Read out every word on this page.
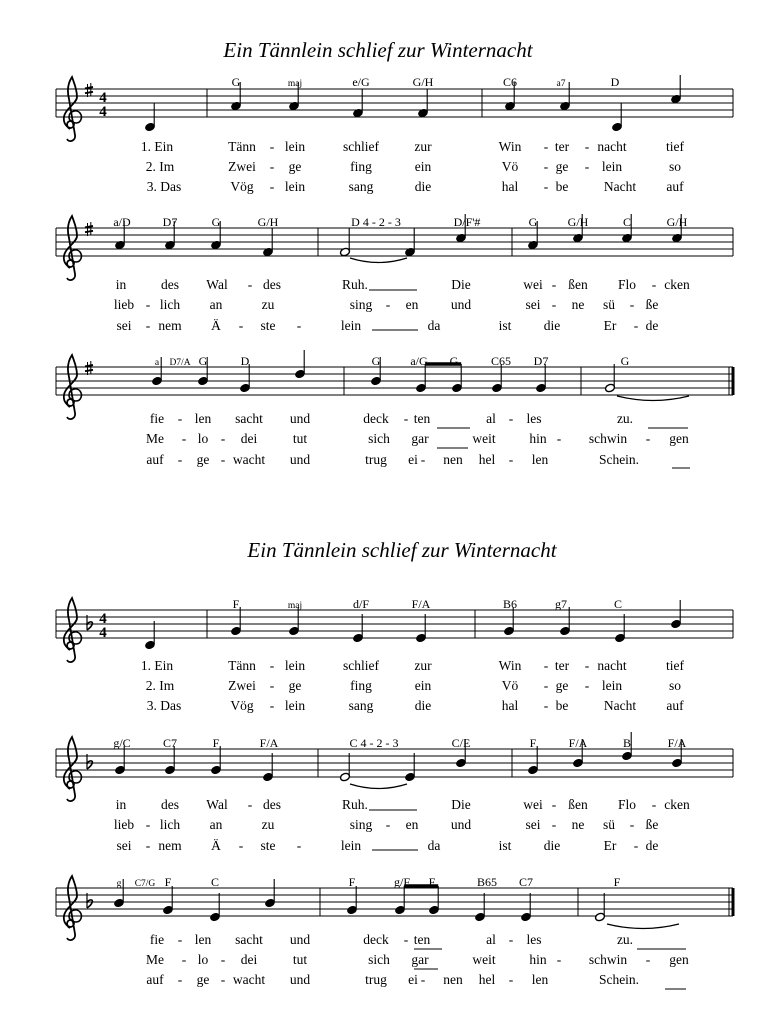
Ein Tännlein schlief zur Winternacht
4
4
G	maj	e/G	G/H	C6	a7	D
1. Ein	Tänn - lein	schlief	zur	Win - ter - nacht	tief
2. Im	Zwei - ge	fing	ein	Vö - ge - lein	so
3. Das	Vög - lein	sang	die	hal - be	Nacht auf
a/D	D7	G	G/H	D 4 - 2 - 3	D/F'#	G	G/H	C	G/H
in	des Wal - des	Ruh.	Die	wei - ßen Flo - cken
lieb - lich an	zu	sing - en und	sei - ne sü - ße
sei - nem Ä - ste -	lein	da	ist die	Er - de
a D7/A G	D	G	a/G G	C65 D7	G
fie - len sacht und	deck - ten	al - les	zu.
Me - lo - dei	tut	sich gar	weit hin - schwin - gen
auf - ge - wacht und	trug ei - nen hel - len	Schein.
Ein Tännlein schlief zur Winternacht
4
4
F	maj	d/F	F/A	B6	g7	C
1. Ein	Tänn - lein	schlief	zur	Win - ter - nacht	tief
2. Im	Zwei - ge	fing	ein	Vö - ge - lein	so
3. Das	Vög - lein	sang	die	hal - be	Nacht auf
g/C	C7	F	F/A	C 4 - 2 - 3	C/E	F	F/A	B	F/A
in	des Wal - des	Ruh.	Die	wei - ßen Flo - cken
lieb - lich an	zu	sing - en und	sei - ne sü - ße
sei - nem Ä - ste -	lein	da	ist die	Er - de
g C7/G F	C	F	g/F F	B65 C7	F
fie - len sacht und	deck - ten	al - les	zu.
Me - lo - dei	tut	sich gar	weit hin - schwin - gen
auf - ge - wacht und	trug ei - nen hel - len	Schein.
